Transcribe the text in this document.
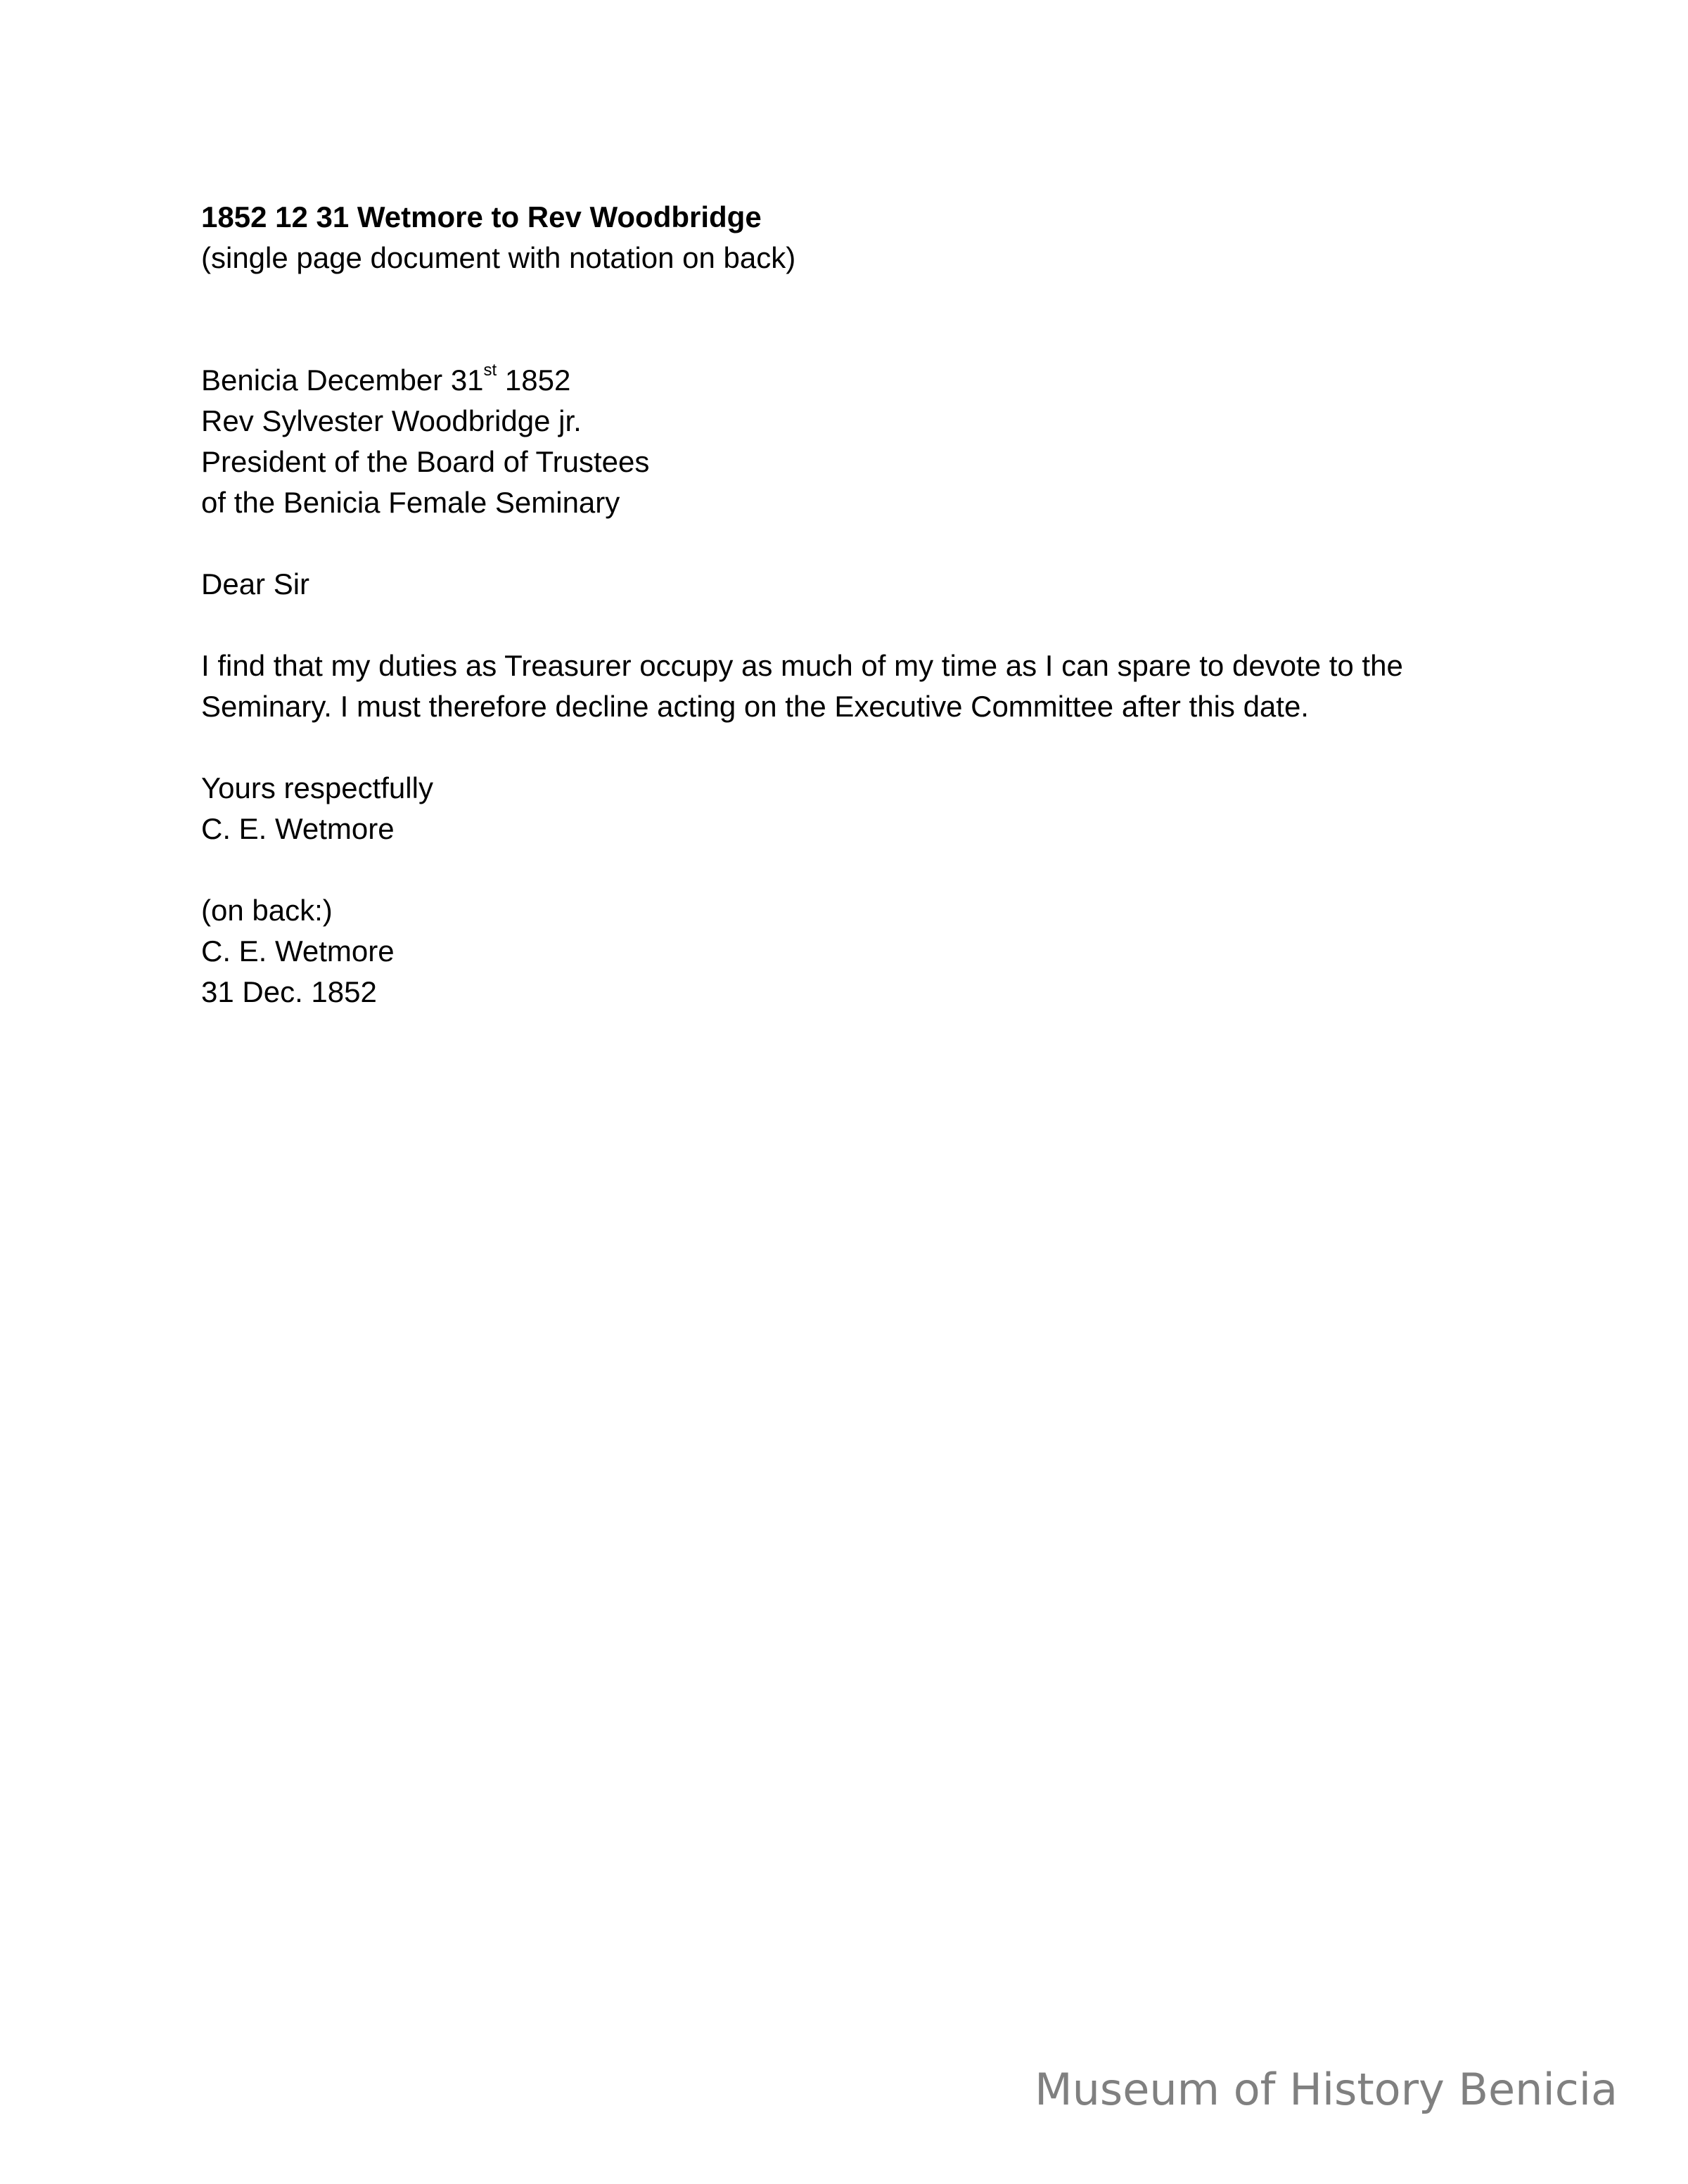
1852 12 31 Wetmore to Rev Woodbridge

(single page document with notation on back)

Benicia December 31st 1852

Rev Sylvester Woodbridge jr.

President of the Board of Trustees

of the Benicia Female Seminary

Dear Sir

I find that my duties as Treasurer occupy as much of my time as I can spare to devote to the

Seminary. I must therefore decline acting on the Executive Committee after this date.

Yours respectfully

C. E. Wetmore

(on back:)

C. E. Wetmore

31 Dec. 1852

Museum of History Benicia
